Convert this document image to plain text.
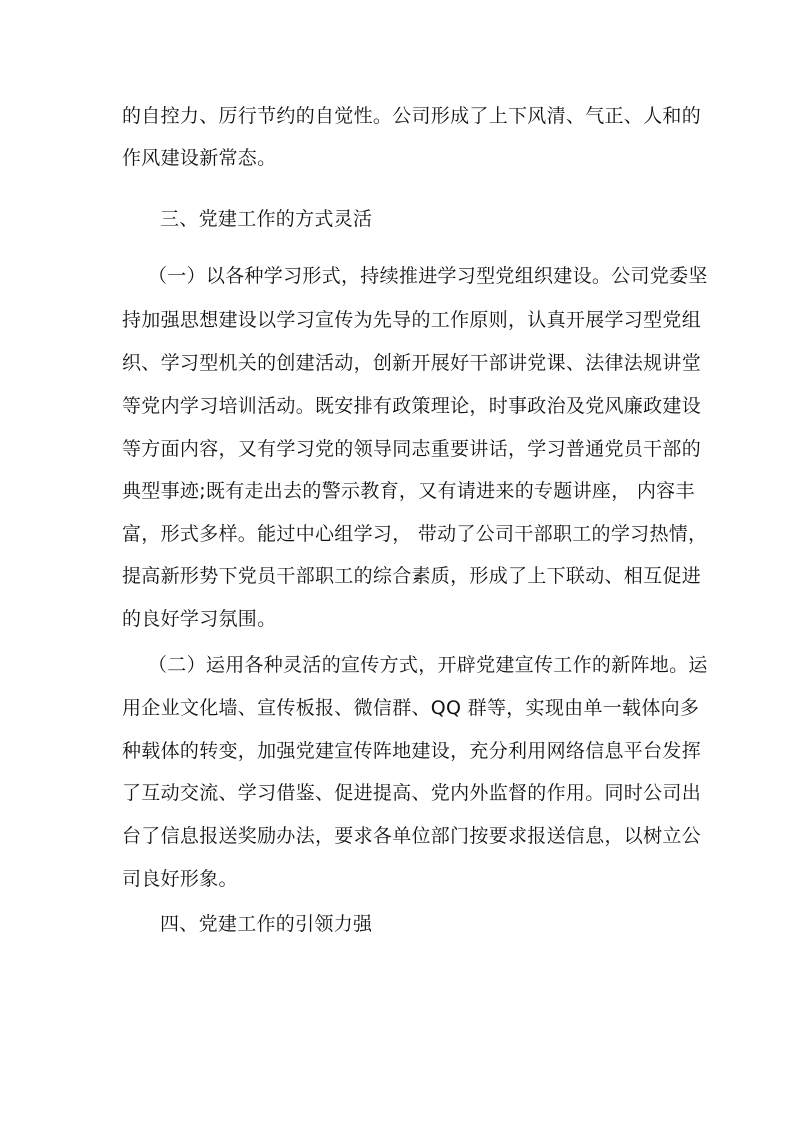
的自控力、厉行节约的自觉性。公司形成了上下风清、气正、人和的
作风建设新常态。
三、党建工作的方式灵活
（一）以各种学习形式，持续推进学习型党组织建设。公司党委坚
持加强思想建设以学习宣传为先导的工作原则，认真开展学习型党组
织、学习型机关的创建活动，创新开展好干部讲党课、法律法规讲堂
等党内学习培训活动。既安排有政策理论，时事政治及党风廉政建设
等方面内容，又有学习党的领导同志重要讲话，学习普通党员干部的
典型事迹;既有走出去的警示教育，又有请进来的专题讲座， 内容丰
富，形式多样。能过中心组学习， 带动了公司干部职工的学习热情，
提高新形势下党员干部职工的综合素质，形成了上下联动、相互促进
的良好学习氛围。
（二）运用各种灵活的宣传方式，开辟党建宣传工作的新阵地。运
用企业文化墙、宣传板报、微信群、QQ 群等，实现由单一载体向多
种载体的转变，加强党建宣传阵地建设，充分利用网络信息平台发挥
了互动交流、学习借鉴、促进提高、党内外监督的作用。同时公司出
台了信息报送奖励办法，要求各单位部门按要求报送信息，以树立公
司良好形象。
四、党建工作的引领力强
